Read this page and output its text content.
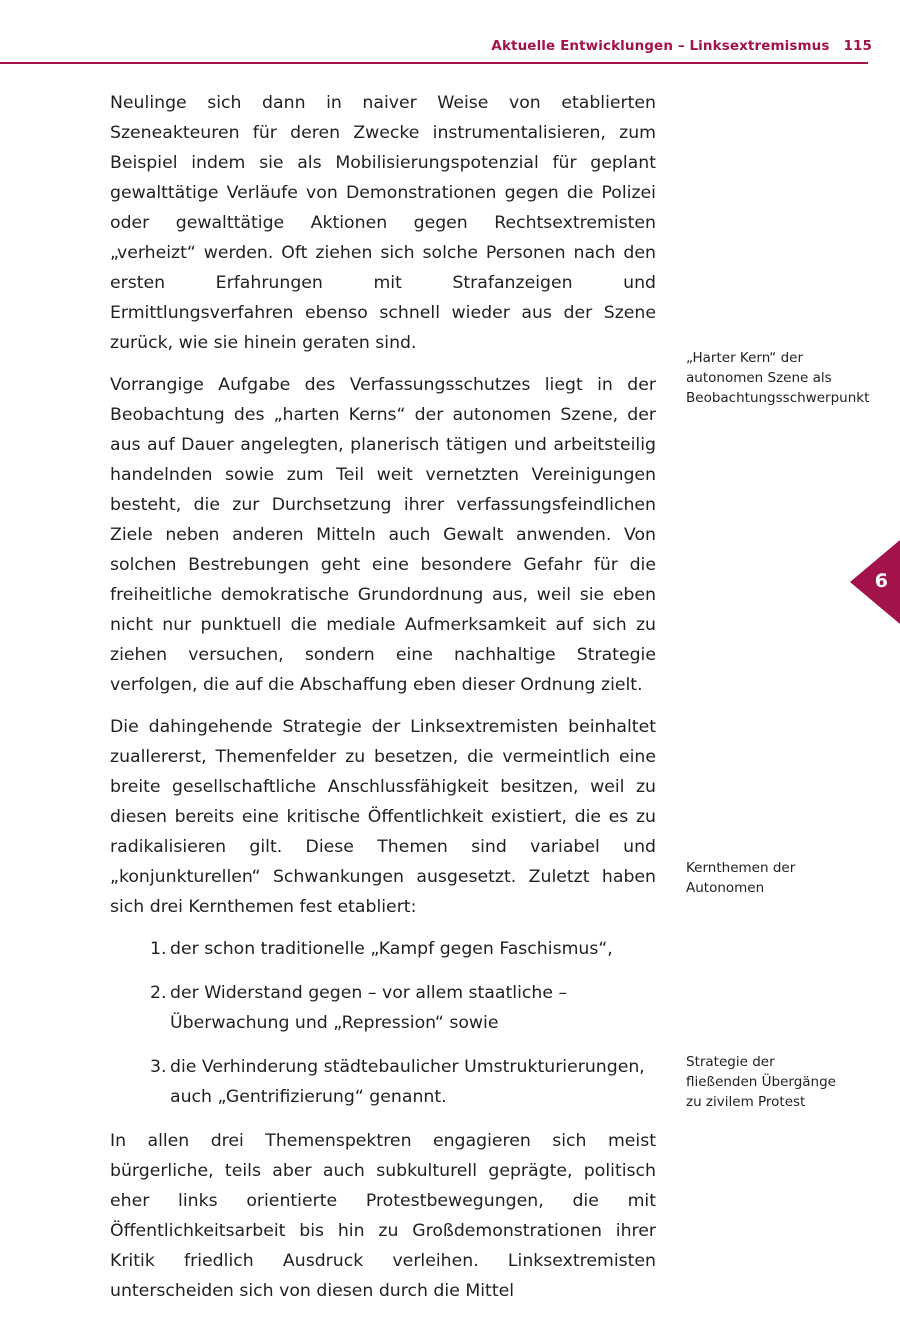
Aktuelle Entwicklungen – Linksextremismus 115

Neulinge sich dann in naiver Weise von etablierten Szeneakteuren für deren Zwecke instrumentalisieren, zum Beispiel indem sie als Mobilisierungspotenzial für geplant gewalttätige Verläufe von Demonstrationen gegen die Polizei oder gewalttätige Aktionen gegen Rechtsextremisten „verheizt“ werden. Oft ziehen sich solche Personen nach den ersten Erfahrungen mit Strafanzeigen und Ermittlungsverfahren ebenso schnell wieder aus der Szene zurück, wie sie hinein geraten sind.

Vorrangige Aufgabe des Verfassungsschutzes liegt in der Beobachtung des „harten Kerns“ der autonomen Szene, der aus auf Dauer angelegten, planerisch tätigen und arbeitsteilig handelnden sowie zum Teil weit vernetzten Vereinigungen besteht, die zur Durchsetzung ihrer verfassungsfeindlichen Ziele neben anderen Mitteln auch Gewalt anwenden. Von solchen Bestrebungen geht eine besondere Gefahr für die freiheitliche demokratische Grundordnung aus, weil sie eben nicht nur punktuell die mediale Aufmerksamkeit auf sich zu ziehen versuchen, sondern eine nachhaltige Strategie verfolgen, die auf die Abschaffung eben dieser Ordnung zielt.

Die dahingehende Strategie der Linksextremisten beinhaltet zuallererst, Themenfelder zu besetzen, die vermeintlich eine breite gesellschaftliche Anschlussfähigkeit besitzen, weil zu diesen bereits eine kritische Öffentlichkeit existiert, die es zu radikalisieren gilt. Diese Themen sind variabel und „konjunkturellen“ Schwankungen ausgesetzt. Zuletzt haben sich drei Kernthemen fest etabliert:

1. der schon traditionelle „Kampf gegen Faschismus“,
2. der Widerstand gegen – vor allem staatliche – Überwachung und „Repression“ sowie
3. die Verhinderung städtebaulicher Umstrukturierungen, auch „Gentrifizierung“ genannt.

In allen drei Themenspektren engagieren sich meist bürgerliche, teils aber auch subkulturell geprägte, politisch eher links orientierte Protestbewegungen, die mit Öffentlichkeitsarbeit bis hin zu Großdemonstrationen ihrer Kritik friedlich Ausdruck verleihen. Linksextremisten unterscheiden sich von diesen durch die Mittel

„Harter Kern“ der autonomen Szene als Beobachtungsschwerpunkt
Kernthemen der Autonomen
Strategie der fließenden Übergänge zu zivilem Protest
6
